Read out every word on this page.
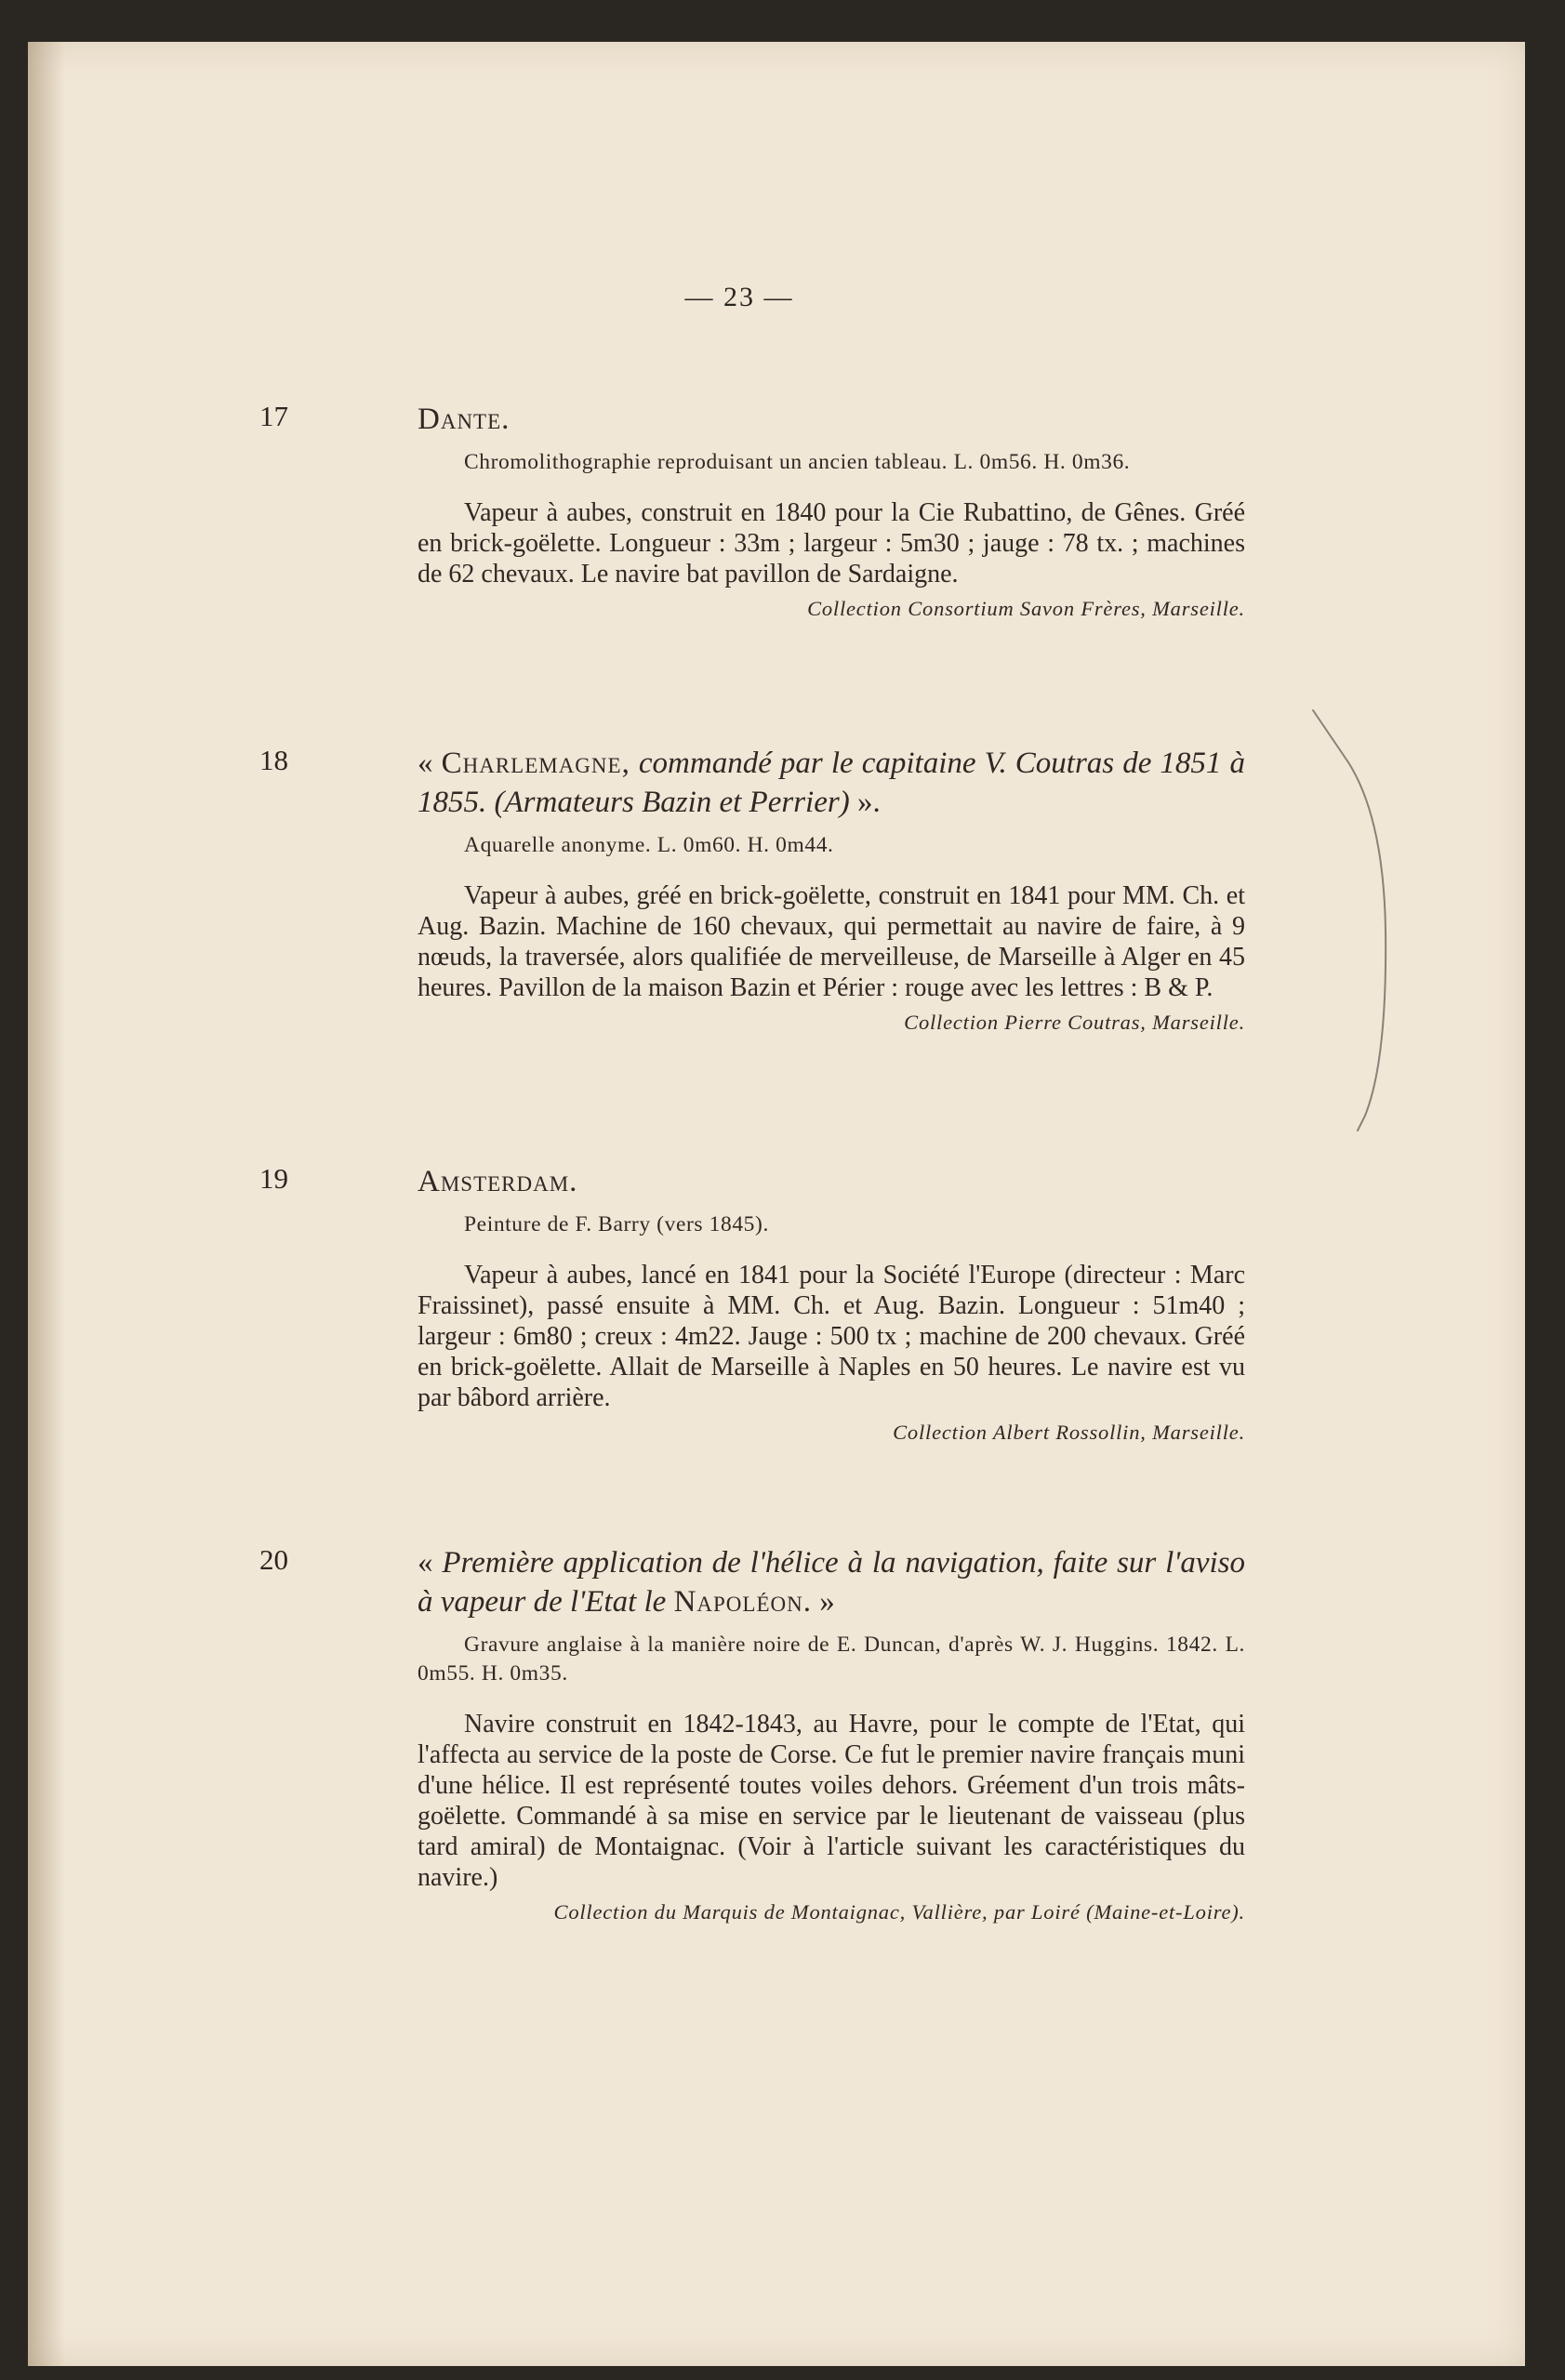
— 23 —
17	Dante.

Chromolithographie reproduisant un ancien tableau. L. 0m56. H. 0m36.

Vapeur à aubes, construit en 1840 pour la Cie Rubattino, de Gênes. Gréé en brick-goëlette. Longueur : 33m ; largeur : 5m30 ; jauge : 78 tx. ; machines de 62 chevaux. Le navire bat pavillon de Sardaigne.

Collection Consortium Savon Frères, Marseille.

18	« Charlemagne, commandé par le capitaine V. Coutras de 1851 à 1855. (Armateurs Bazin et Perrier) ».

Aquarelle anonyme. L. 0m60. H. 0m44.

Vapeur à aubes, gréé en brick-goëlette, construit en 1841 pour MM. Ch. et Aug. Bazin. Machine de 160 chevaux, qui permettait au navire de faire, à 9 nœuds, la traversée, alors qualifiée de merveilleuse, de Marseille à Alger en 45 heures. Pavillon de la maison Bazin et Périer : rouge avec les lettres : B & P.

Collection Pierre Coutras, Marseille.

19	Amsterdam.

Peinture de F. Barry (vers 1845).

Vapeur à aubes, lancé en 1841 pour la Société l'Europe (directeur : Marc Fraissinet), passé ensuite à MM. Ch. et Aug. Bazin. Longueur : 51m40 ; largeur : 6m80 ; creux : 4m22. Jauge : 500 tx ; machine de 200 chevaux. Gréé en brick-goëlette. Allait de Marseille à Naples en 50 heures. Le navire est vu par bâbord arrière.

Collection Albert Rossollin, Marseille.

20	« Première application de l'hélice à la navigation, faite sur l'aviso à vapeur de l'Etat le Napoléon. »

Gravure anglaise à la manière noire de E. Duncan, d'après W. J. Huggins. 1842. L. 0m55. H. 0m35.

Navire construit en 1842-1843, au Havre, pour le compte de l'Etat, qui l'affecta au service de la poste de Corse. Ce fut le premier navire français muni d'une hélice. Il est représenté toutes voiles dehors. Gréement d'un trois mâts-goëlette. Commandé à sa mise en service par le lieutenant de vaisseau (plus tard amiral) de Montaignac. (Voir à l'article suivant les caractéristiques du navire.)

Collection du Marquis de Montaignac, Vallière, par Loiré (Maine-et-Loire).
